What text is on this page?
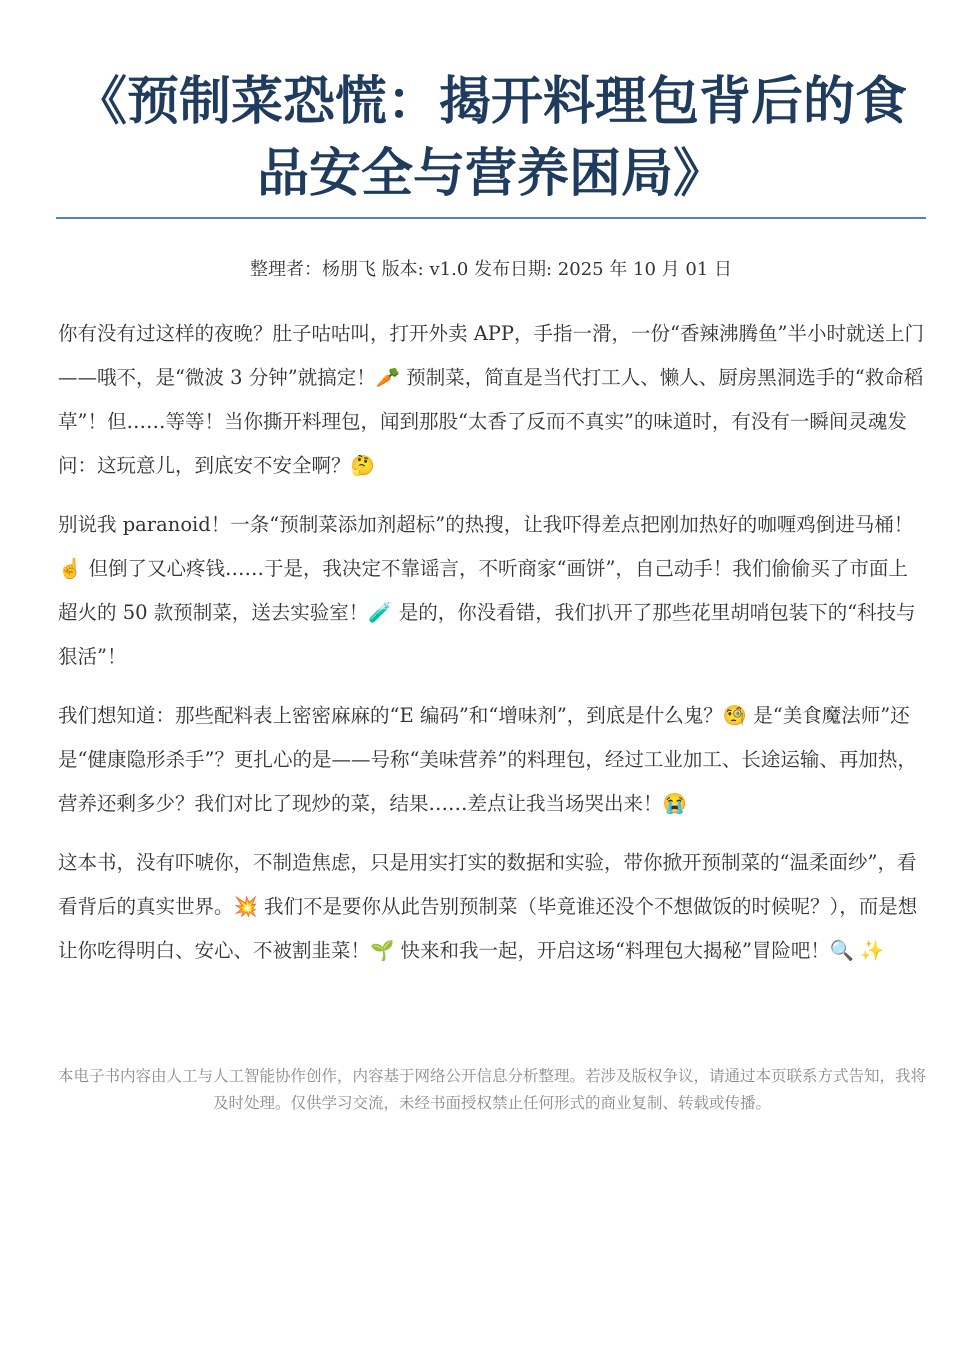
《预制菜恐慌：揭开料理包背后的食品安全与营养困局》
整理者：杨朋飞 版本: v1.0 发布日期: 2025 年 10 月 01 日

你有没有过这样的夜晚？肚子咕咕叫，打开外卖 APP，手指一滑，一份“香辣沸腾鱼”半小时就送上门——哦不，是“微波 3 分钟”就搞定！🥕 预制菜，简直是当代打工人、懒人、厨房黑洞选手的“救命稻草”！但……等等！当你撕开料理包，闻到那股“太香了反而不真实”的味道时，有没有一瞬间灵魂发问：这玩意儿，到底安不安全啊？🤔

别说我 paranoid！一条“预制菜添加剂超标”的热搜，让我吓得差点把刚加热好的咖喱鸡倒进马桶！☝ 但倒了又心疼钱……于是，我决定不靠谣言，不听商家“画饼”，自己动手！我们偷偷买了市面上超火的 50 款预制菜，送去实验室！🧪 是的，你没看错，我们扒开了那些花里胡哨包装下的“科技与狠活”！

我们想知道：那些配料表上密密麻麻的“E 编码”和“增味剂”，到底是什么鬼？🧐 是“美食魔法师”还是“健康隐形杀手”？更扎心的是——号称“美味营养”的料理包，经过工业加工、长途运输、再加热，营养还剩多少？我们对比了现炒的菜，结果……差点让我当场哭出来！😭

这本书，没有吓唬你，不制造焦虑，只是用实打实的数据和实验，带你掀开预制菜的“温柔面纱”，看看背后的真实世界。💥 我们不是要你从此告别预制菜（毕竟谁还没个不想做饭的时候呢？），而是想让你吃得明白、安心、不被割韭菜！🌱 快来和我一起，开启这场“料理包大揭秘”冒险吧！🔍 ✨

本电子书内容由人工与人工智能协作创作，内容基于网络公开信息分析整理。若涉及版权争议，请通过本页联系方式告知，我将及时处理。仅供学习交流，未经书面授权禁止任何形式的商业复制、转载或传播。
